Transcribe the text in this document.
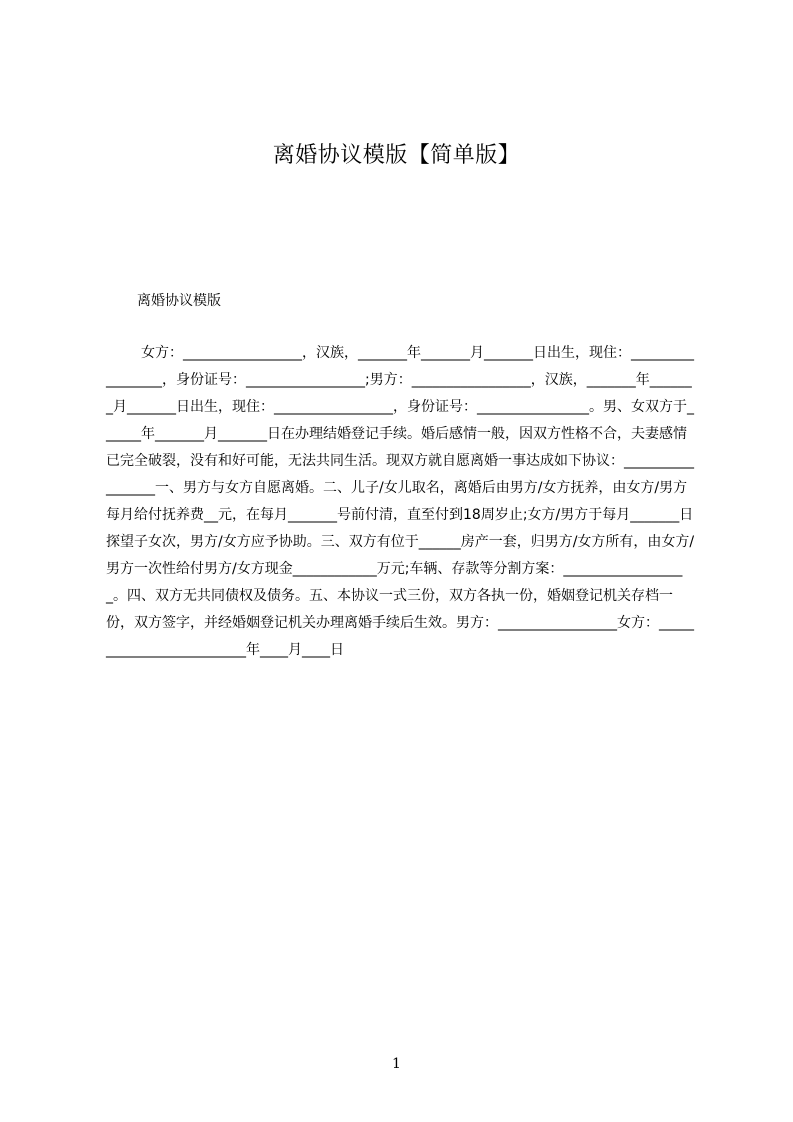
离婚协议模版【简单版】
离婚协议模版
女方：_________________，汉族，_______年_______月_______日出生，现住：_________________，身份证号：_________________;男方：_________________，汉族，_______年_______月_______日出生，现住：_________________，身份证号：________________。男、女双方于______年_______月_______日在办理结婚登记手续。婚后感情一般，因双方性格不合，夫妻感情已完全破裂，没有和好可能，无法共同生活。现双方就自愿离婚一事达成如下协议：_________________一、男方与女方自愿离婚。二、儿子/女儿取名，离婚后由男方/女方抚养，由女方/男方每月给付抚养费__元，在每月_______号前付清，直至付到18周岁止;女方/男方于每月_______日探望子女次，男方/女方应予协助。三、双方有位于______房产一套，归男方/女方所有，由女方/男方一次性给付男方/女方现金____________万元;车辆、存款等分割方案：__________________。四、双方无共同债权及债务。五、本协议一式三份，双方各执一份，婚姻登记机关存档一份，双方签字，并经婚姻登记机关办理离婚手续后生效。男方：_________________女方：_________________________年____月____日
1
